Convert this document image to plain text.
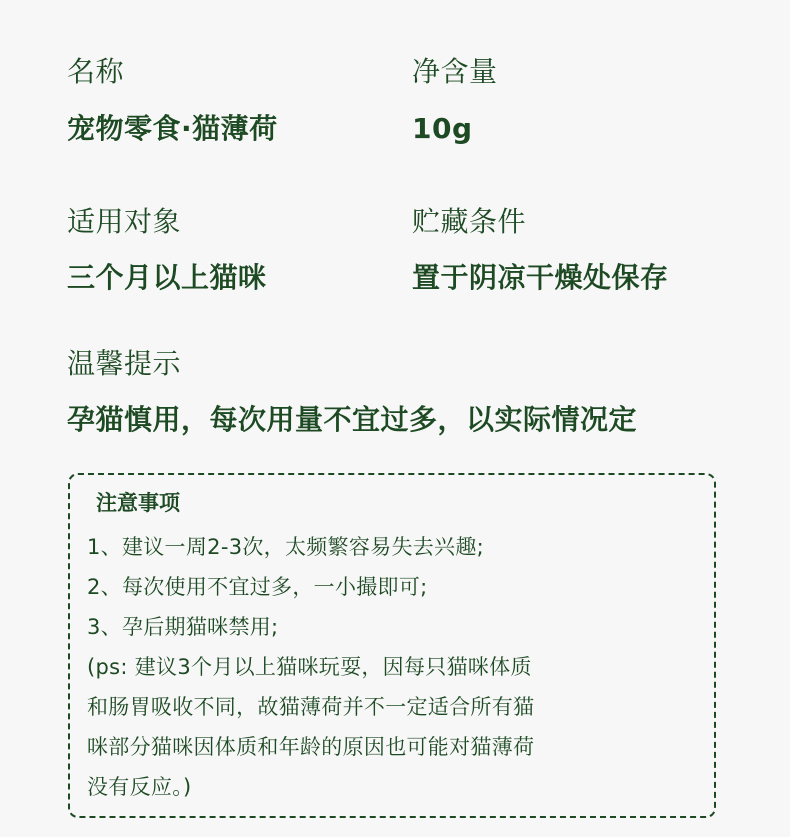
名称
宠物零食·猫薄荷
净含量
10g
适用对象
三个月以上猫咪
贮藏条件
置于阴凉干燥处保存
温馨提示
孕猫慎用，每次用量不宜过多，以实际情况定
注意事项
1、建议一周2-3次，太频繁容易失去兴趣;
2、每次使用不宜过多，一小撮即可;
3、孕后期猫咪禁用;
(ps: 建议3个月以上猫咪玩耍，因每只猫咪体质
和肠胃吸收不同，故猫薄荷并不一定适合所有猫
咪部分猫咪因体质和年龄的原因也可能对猫薄荷
没有反应。)
